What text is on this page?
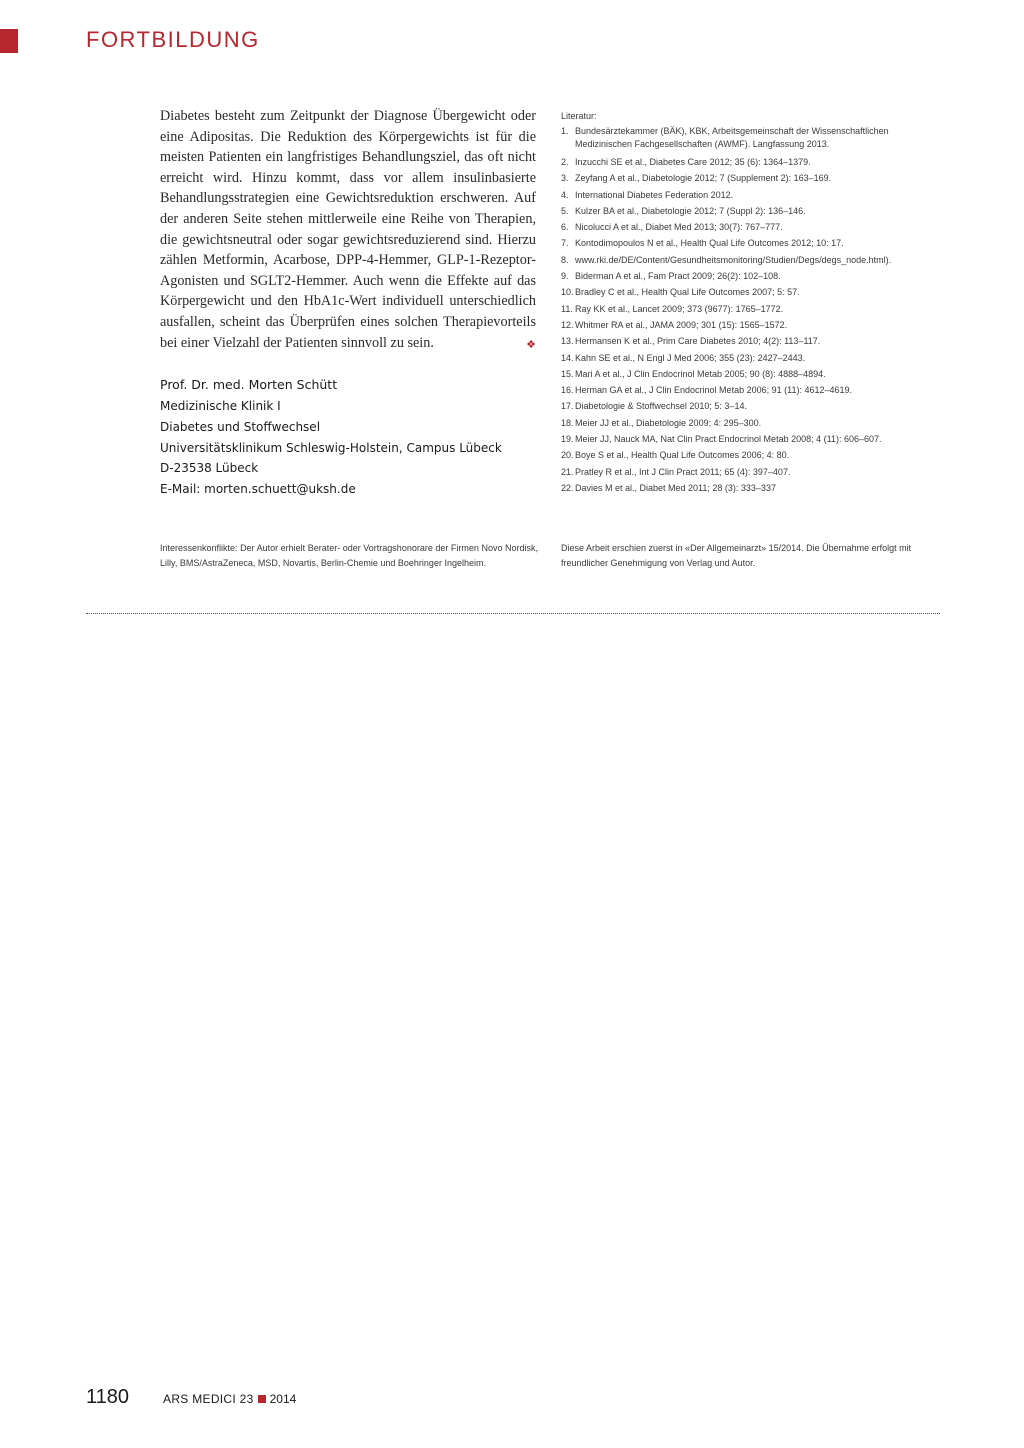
FORTBILDUNG

Diabetes besteht zum Zeitpunkt der Diagnose Übergewicht oder eine Adipositas. Die Reduktion des Körpergewichts ist für die meisten Patienten ein langfristiges Behandlungsziel, das oft nicht erreicht wird. Hinzu kommt, dass vor allem insulinbasierte Behandlungsstrategien eine Gewichtsreduktion erschweren. Auf der anderen Seite stehen mittlerweile eine Reihe von Therapien, die gewichtsneutral oder sogar gewichtsreduzierend sind. Hierzu zählen Metformin, Acarbose, DPP-4-Hemmer, GLP-1-Rezeptor-Agonisten und SGLT2-Hemmer. Auch wenn die Effekte auf das Körpergewicht und den HbA1c-Wert individuell unterschiedlich ausfallen, scheint das Überprüfen eines solchen Therapievorteils bei einer Vielzahl der Patienten sinnvoll zu sein.	❖

Prof. Dr. med. Morten Schütt
Medizinische Klinik I
Diabetes und Stoffwechsel
Universitätsklinikum Schleswig-Holstein, Campus Lübeck
D-23538 Lübeck
E-Mail: morten.schuett@uksh.de

Interessenkonflikte: Der Autor erhielt Berater- oder Vortragshonorare der Firmen Novo Nordisk, Lilly, BMS/AstraZeneca, MSD, Novartis, Berlin-Chemie und Boehringer Ingelheim.

Literatur:

1. Bundesärztekammer (BÄK), KBK, Arbeitsgemeinschaft der Wissenschaftlichen Medizinischen Fachgesellschaften (AWMF). Langfassung 2013.
2. Inzucchi SE et al., Diabetes Care 2012; 35 (6): 1364–1379.
3. Zeyfang A et al., Diabetologie 2012; 7 (Supplement 2): 163–169.
4. International Diabetes Federation 2012.
5. Kulzer BA et al., Diabetologie 2012; 7 (Suppl 2): 136–146.
6. Nicolucci A et al., Diabet Med 2013; 30(7): 767–777.
7. Kontodimopoulos N et al., Health Qual Life Outcomes 2012; 10: 17.
8. www.rki.de/DE/Content/Gesundheitsmonitoring/Studien/Degs/degs_node.html).
9. Biderman A et al., Fam Pract 2009; 26(2): 102–108.
10. Bradley C et al., Health Qual Life Outcomes 2007; 5: 57.
11. Ray KK et al., Lancet 2009; 373 (9677): 1765–1772.
12. Whitmer RA et al., JAMA 2009; 301 (15): 1565–1572.
13. Hermansen K et al., Prim Care Diabetes 2010; 4(2): 113–117.
14. Kahn SE et al., N Engl J Med 2006; 355 (23): 2427–2443.
15. Mari A et al., J Clin Endocrinol Metab 2005; 90 (8): 4888–4894.
16. Herman GA et al., J Clin Endocrinol Metab 2006; 91 (11): 4612–4619.
17. Diabetologie & Stoffwechsel 2010; 5: 3–14.
18. Meier JJ et al., Diabetologie 2009; 4: 295–300.
19. Meier JJ, Nauck MA, Nat Clin Pract Endocrinol Metab 2008; 4 (11): 606–607.
20. Boye S et al., Health Qual Life Outcomes 2006; 4: 80.
21. Pratley R et al., Int J Clin Pract 2011; 65 (4): 397–407.
22. Davies M et al., Diabet Med 2011; 28 (3): 333–337

Diese Arbeit erschien zuerst in «Der Allgemeinarzt» 15/2014. Die Übernahme erfolgt mit freundlicher Genehmigung von Verlag und Autor.

1180	ARS MEDICI 23 2014
